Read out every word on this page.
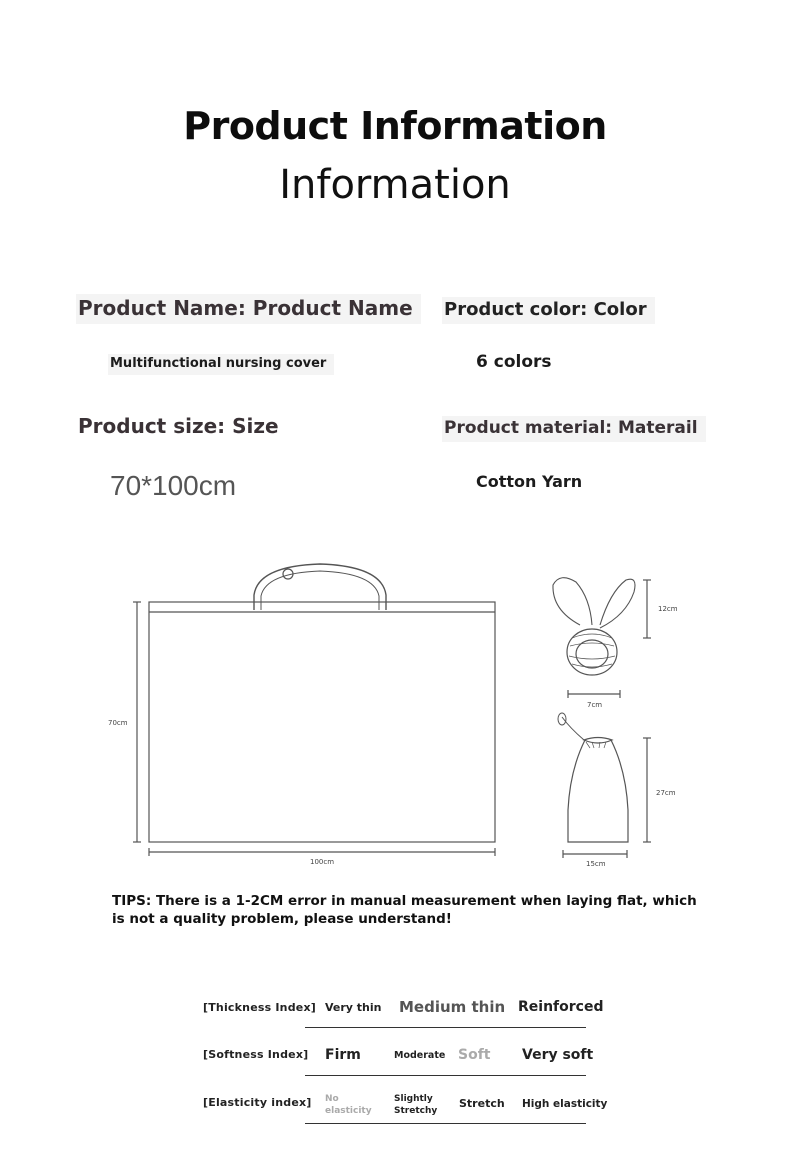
Product Information
Information
Product Name: Product Name
Multifunctional nursing cover
Product color: Color
6 colors
Product size: Size
70*100cm
Product material: Materail
Cotton Yarn
70cm
100cm
12cm
7cm
27cm
15cm
TIPS: There is a 1-2CM error in manual measurement when laying flat, which is not a quality problem, please understand!
[Thickness Index] Very thin Medium thin Reinforced
[Softness Index] Firm	Moderate Soft Very soft
[Elasticity index] No elasticity
Slightly Stretchy
Stretch High elasticity
